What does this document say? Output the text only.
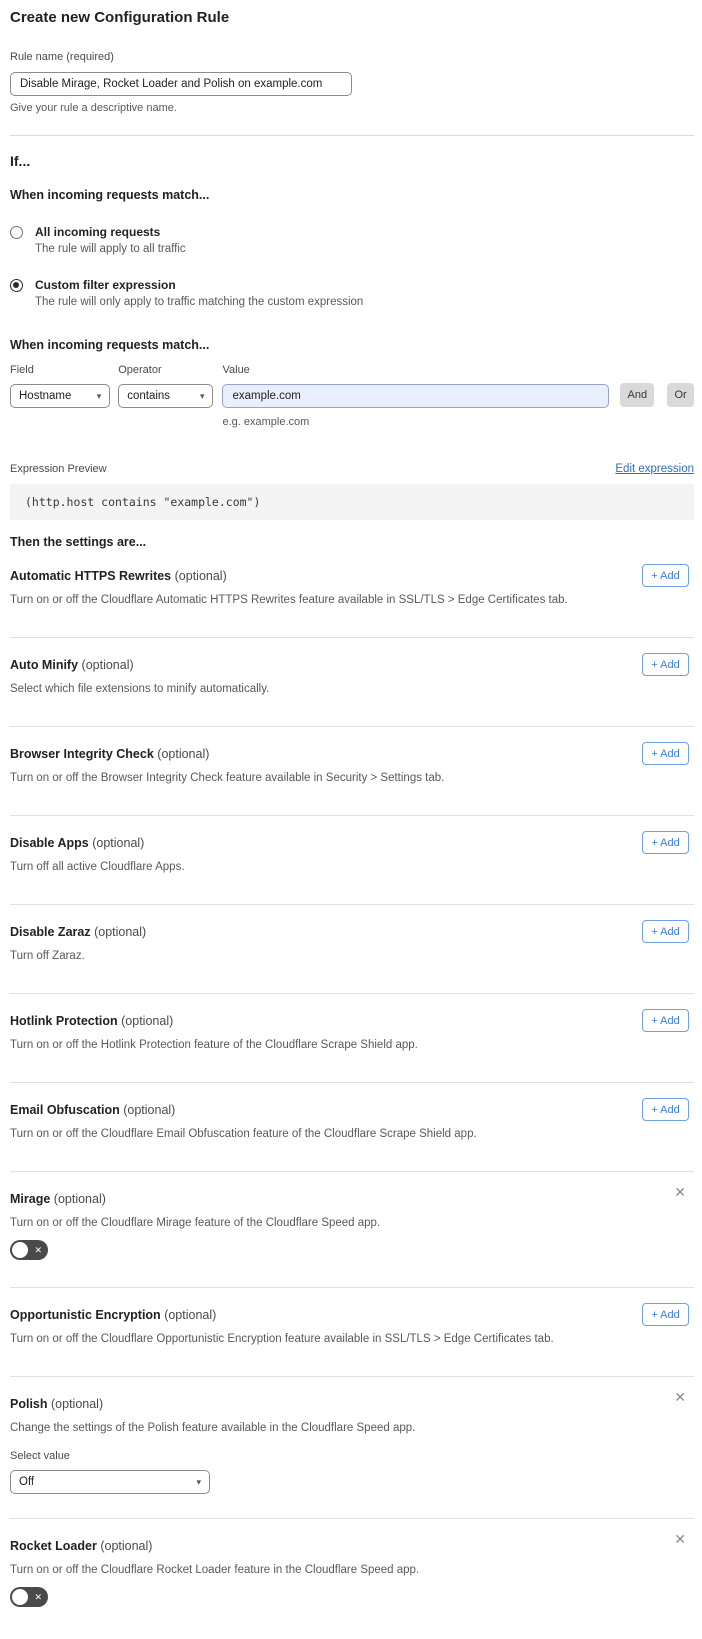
Create new Configuration Rule
Rule name (required)
Disable Mirage, Rocket Loader and Polish on example.com
Give your rule a descriptive name.
If...
When incoming requests match...
All incoming requests
The rule will apply to all traffic
Custom filter expression
The rule will only apply to traffic matching the custom expression
When incoming requests match...
Field
Hostname	▾
Operator
contains	▾
Value
example.com
e.g. example.com
And	Or
Expression Preview	Edit expression
(http.host contains "example.com")
Then the settings are...
Automatic HTTPS Rewrites (optional)
Turn on or off the Cloudflare Automatic HTTPS Rewrites feature available in SSL/TLS > Edge Certificates tab.
+ Add
Auto Minify (optional)
Select which file extensions to minify automatically.
+ Add
Browser Integrity Check (optional)
Turn on or off the Browser Integrity Check feature available in Security > Settings tab.
+ Add
Disable Apps (optional)
Turn off all active Cloudflare Apps.
+ Add
Disable Zaraz (optional)
Turn off Zaraz.
+ Add
Hotlink Protection (optional)
Turn on or off the Hotlink Protection feature of the Cloudflare Scrape Shield app.
+ Add
Email Obfuscation (optional)
Turn on or off the Cloudflare Email Obfuscation feature of the Cloudflare Scrape Shield app.
+ Add
Mirage (optional)
Turn on or off the Cloudflare Mirage feature of the Cloudflare Speed app.
✕
✕
Opportunistic Encryption (optional)
Turn on or off the Cloudflare Opportunistic Encryption feature available in SSL/TLS > Edge Certificates tab.
+ Add
Polish (optional)
Change the settings of the Polish feature available in the Cloudflare Speed app.
Select value
Off	▾
✕
Rocket Loader (optional)
Turn on or off the Cloudflare Rocket Loader feature in the Cloudflare Speed app.
✕
✕
